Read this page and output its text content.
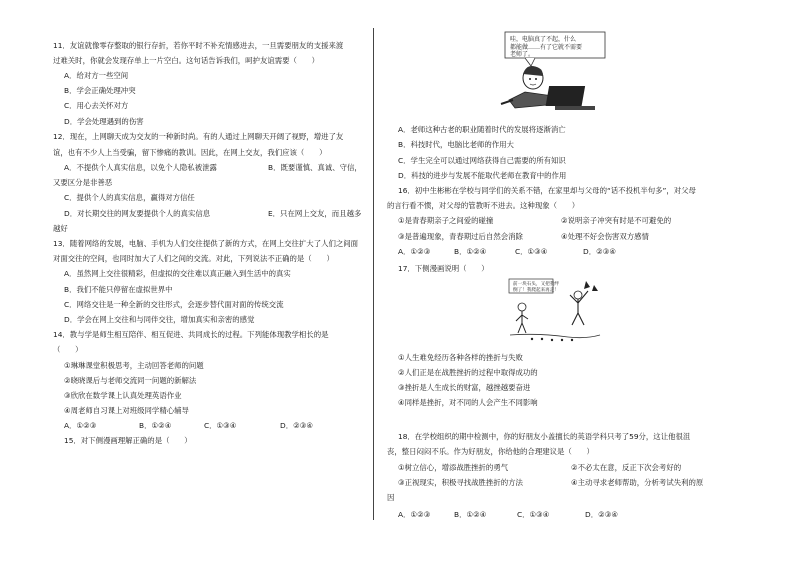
11．友谊就像零存整取的银行存折，若你平时不补充情感进去，一旦需要朋友的支援来渡
过难关时，你就会发现存单上一片空白。这句话告诉我们，呵护友谊需要（　　）
A．给对方一些空间
B．学会正确处理冲突
C．用心去关怀对方
D．学会处理遇到的伤害
12．现在，上网聊天成为交友的一种新时尚。有的人通过上网聊天开阔了视野，增进了友
谊，也有不少人上当受骗，留下惨痛的教训。因此，在网上交友，我们应该（　　）
A．不提供个人真实信息，以免个人隐私被泄露	B．既要谨慎、真诚、守信，
又要区分是非善恶
C．提供个人的真实信息，赢得对方信任
D．对长期交往的网友要提供个人的真实信息	E．只在网上交友，而且越多
越好
13．随着网络的发展，电脑、手机为人们交往提供了新的方式，在网上交往扩大了人们之间面
对面交往的空间，也同时加大了人们之间的交流。对此，下列说法不正确的是（　　）
A．虽然网上交往很精彩，但虚拟的交往难以真正融入到生活中的真实
B．我们不能只停留在虚拟世界中
C．网络交往是一种全新的交往形式，会逐步替代面对面的传统交流
D．学会在网上交往和与同伴交往，增加真实和亲密的感觉
14．教与学是师生相互陪伴、相互促进、共同成长的过程。下列能体现教学相长的是
（　　）
①琳琳课堂积极思考，主动回答老师的问题
②晓晓课后与老师交流同一问题的新解法
③欣欣在数学课上认真处理英语作业
④周老师自习课上对班级同学精心辅导
A．①②③	B．①②④	C．①③④	D．②③④
15．对下侧漫画理解正确的是（　　）
哇，电脑真了不起，什么
都能做……有了它就不需要
老师了。
A．老师这种古老的职业随着时代的发展将逐渐消亡
B．科技时代，电脑比老师的作用大
C．学生完全可以通过网络获得自己需要的所有知识
D．科技的进步与发展不能取代老师在教育中的作用
16．初中生彬彬在学校与同学们的关系不错，在家里却与父母的“话不投机半句多”，对父母
的言行看不惯，对父母的管教听不进去。这种现象（　　）
①是青春期亲子之间爱的碰撞	②说明亲子冲突有时是不可避免的
③是普遍现象，青春期过后自然会消除	④处理不好会伤害双方感情
A．①②③	B．①②④	C．①③④	D．②③④
17．下侧漫画说明（　　）
前一块石头，又把我绊
倒了！我爬起来再走！
①人生难免经历各种各样的挫折与失败
②人们正是在战胜挫折的过程中取得成功的
③挫折是人生成长的财富，越挫越要奋进
④同样是挫折，对不同的人会产生不同影响
18．在学校组织的期中检测中，你的好朋友小盖擅长的英语学科只考了59分，这让他很沮
丧，整日闷闷不乐。作为好朋友，你给他的合理建议是（　　）
①树立信心，增添战胜挫折的勇气	②不必太在意，反正下次会考好的
③正视现实，积极寻找战胜挫折的方法	④主动寻求老师帮助，分析考试失利的原
因
A．①②③	B．①②④	C．①③④	D．②③④
